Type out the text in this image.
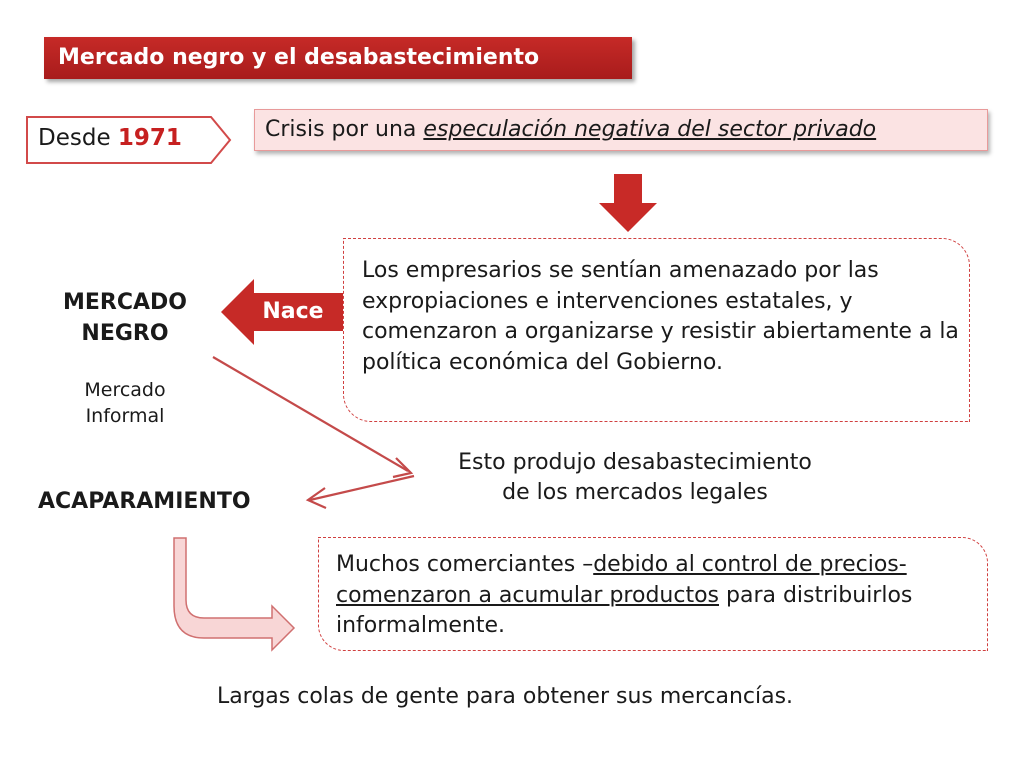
Mercado negro y el desabastecimiento
Desde 1971	Crisis por una especulación negativa del sector privado
Los empresarios se sentían amenazado por las expropiaciones e intervenciones estatales, y comenzaron a organizarse y resistir abiertamente a la política económica del Gobierno.
Nace
MERCADO
NEGRO
Mercado
Informal
Esto produjo desabastecimiento
de los mercados legales
ACAPARAMIENTO
Muchos comerciantes –debido al control de precios- comenzaron a acumular productos para distribuirlos informalmente.
Largas colas de gente para obtener sus mercancías.
